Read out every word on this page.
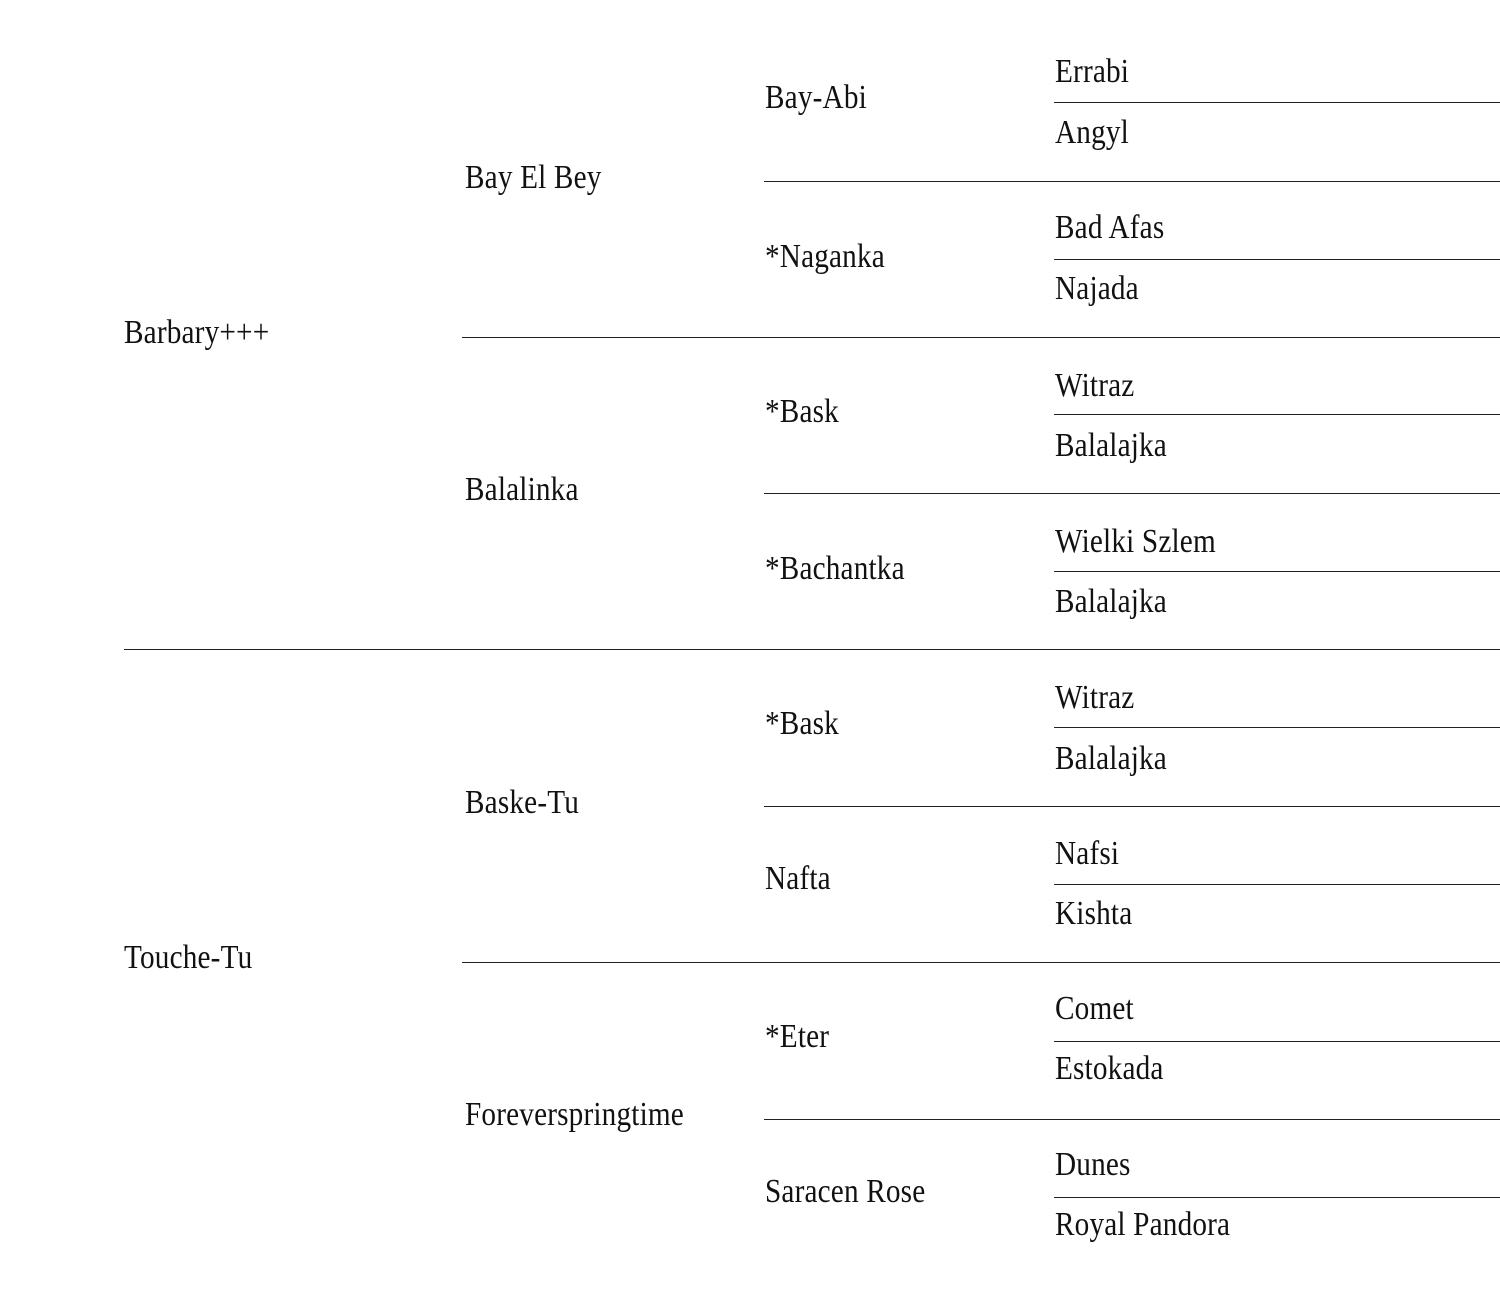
Barbary+++
Touche-Tu
Bay El Bey
Balalinka
Baske-Tu
Foreverspringtime
Bay-Abi
*Naganka
*Bask
*Bachantka
*Bask
Nafta
*Eter
Saracen Rose
Errabi
Angyl
Bad Afas
Najada
Witraz
Balalajka
Wielki Szlem
Balalajka
Witraz
Balalajka
Nafsi
Kishta
Comet
Estokada
Dunes
Royal Pandora
